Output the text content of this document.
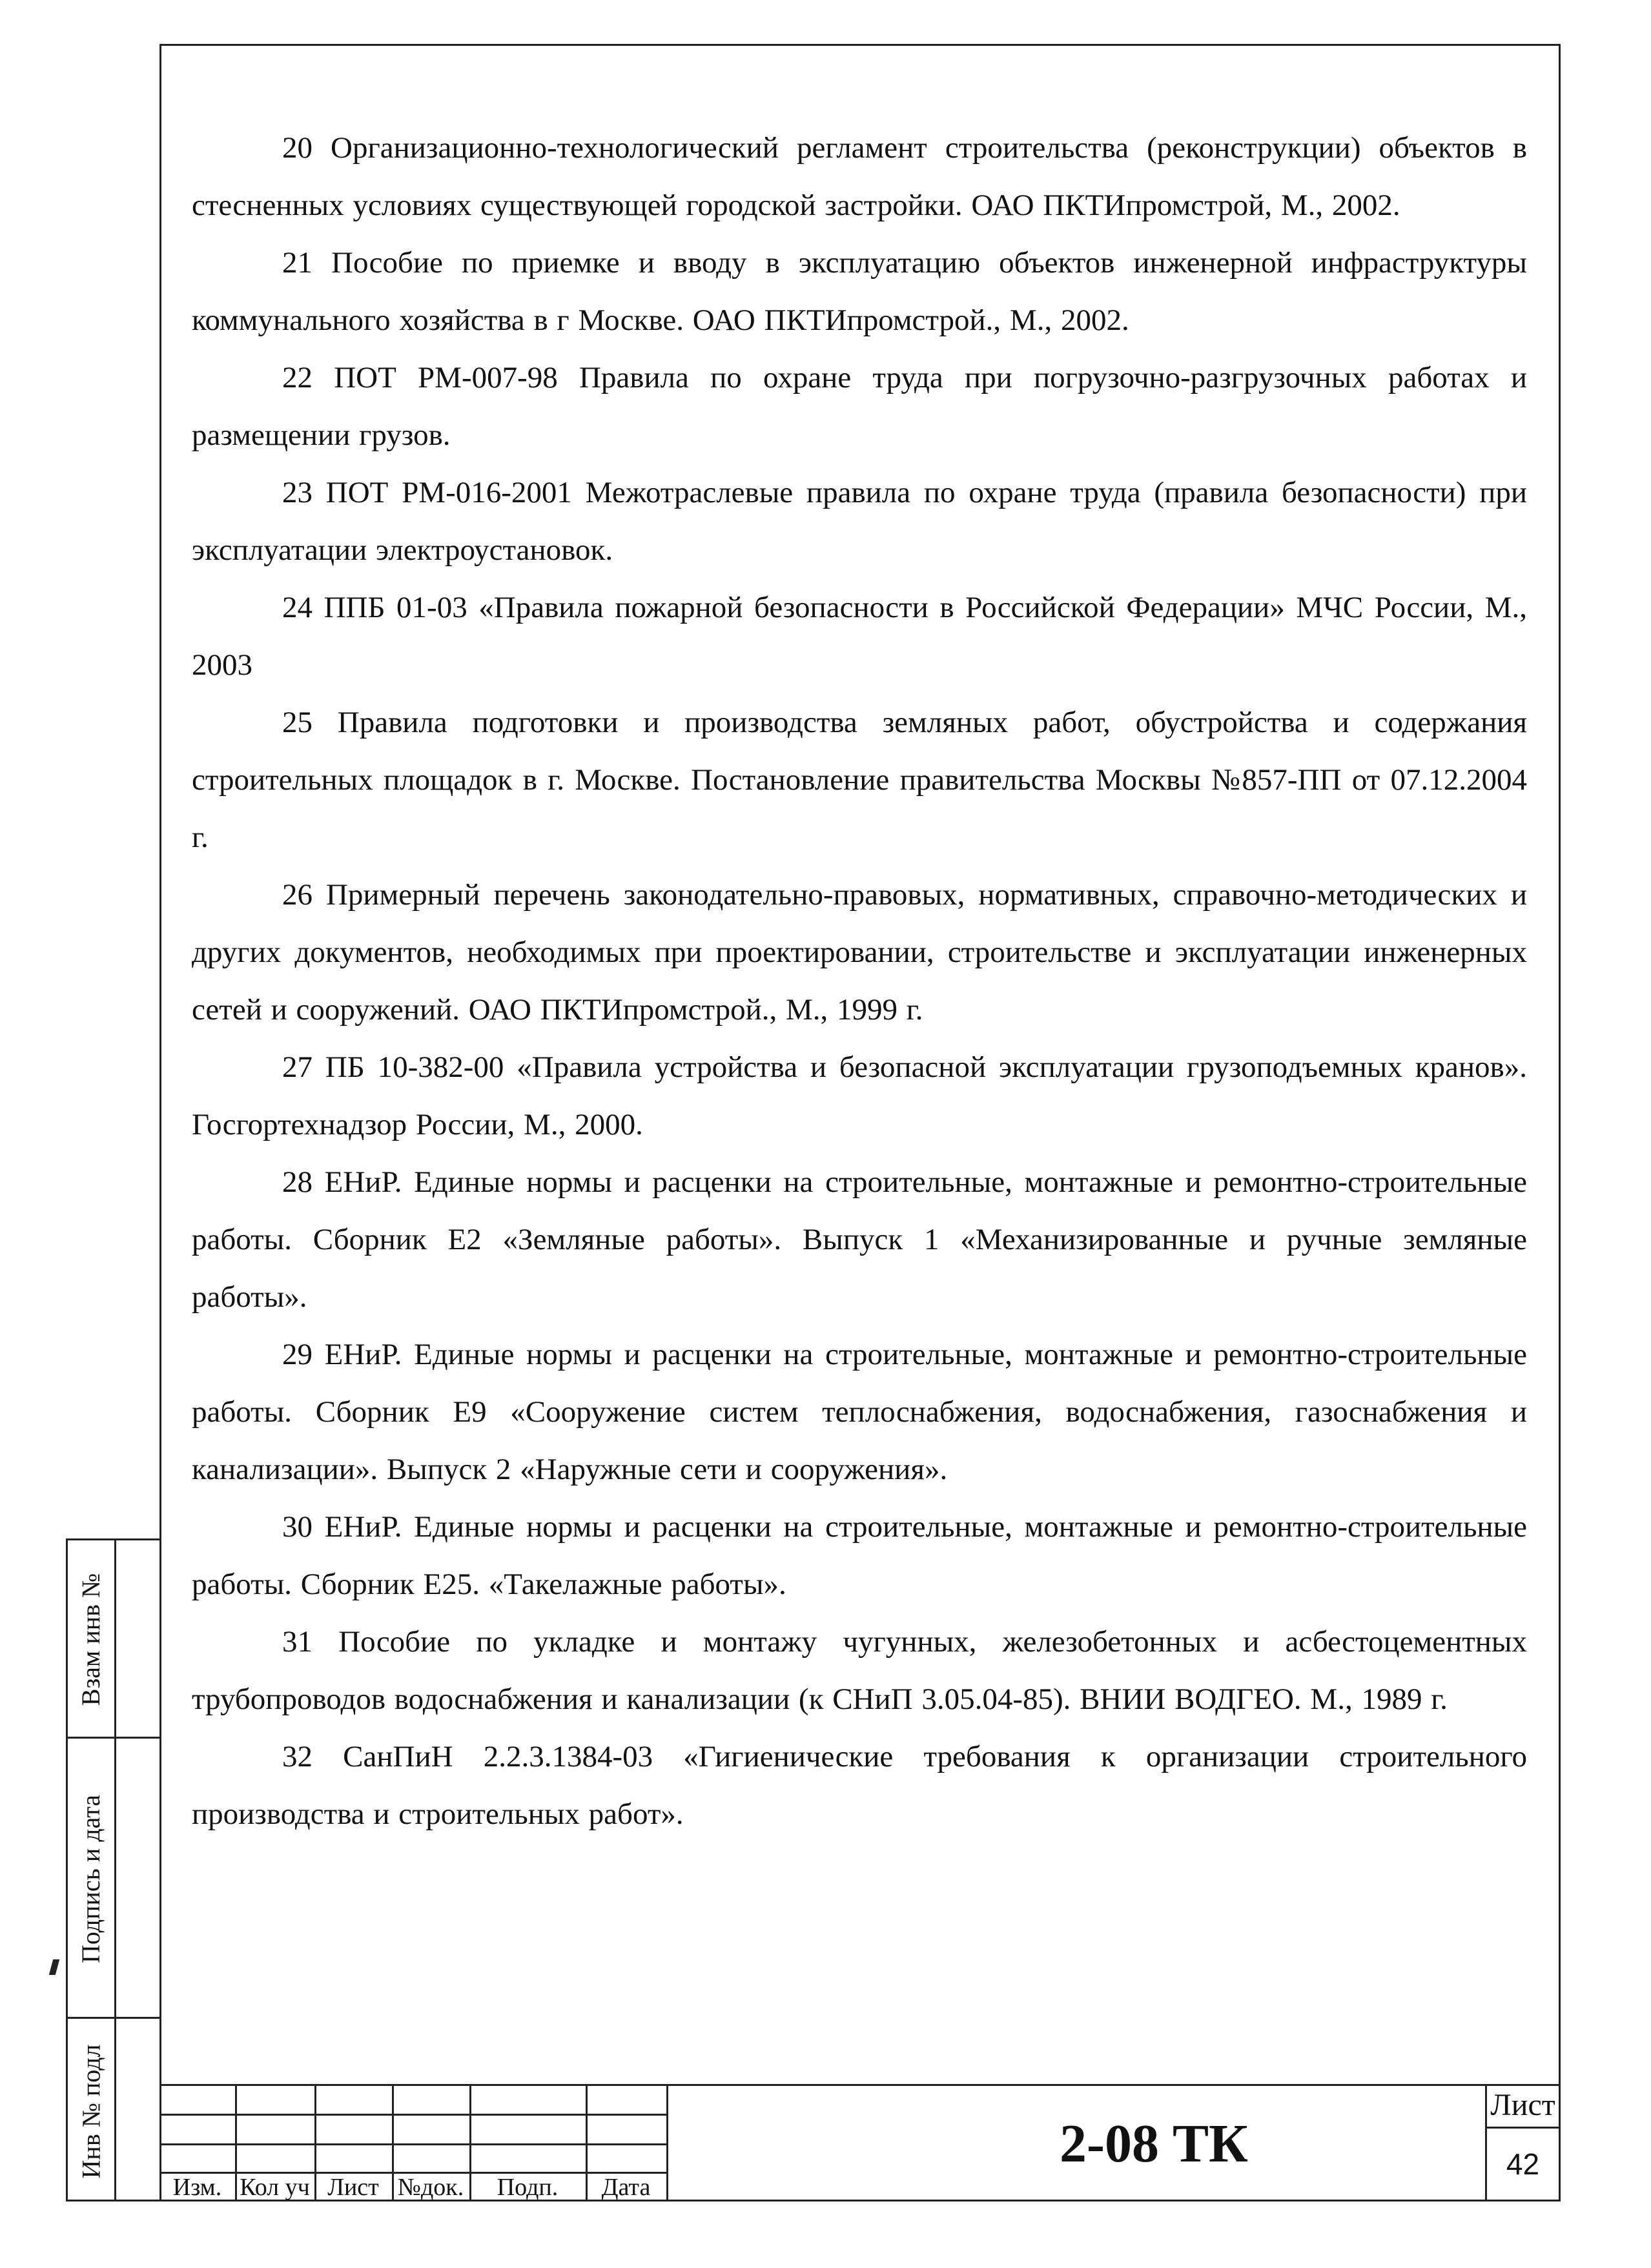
20 Организационно-технологический регламент строительства (реконструкции) объектов в стесненных условиях существующей городской застройки. ОАО ПКТИпромстрой, М., 2002.

21 Пособие по приемке и вводу в эксплуатацию объектов инженерной инфраструктуры коммунального хозяйства в г Москве. ОАО ПКТИпромстрой., М., 2002.

22 ПОТ РМ-007-98 Правила по охране труда при погрузочно-разгрузочных работах и размещении грузов.

23 ПОТ РМ-016-2001 Межотраслевые правила по охране труда (правила безопасности) при эксплуатации электроустановок.

24 ППБ 01-03 «Правила пожарной безопасности в Российской Федерации» МЧС России, М., 2003

25 Правила подготовки и производства земляных работ, обустройства и содержания строительных площадок в г. Москве. Постановление правительства Москвы №857-ПП от 07.12.2004 г.

26 Примерный перечень законодательно-правовых, нормативных, справочно-методических и других документов, необходимых при проектировании, строительстве и эксплуатации инженерных сетей и сооружений. ОАО ПКТИпромстрой., М., 1999 г.

27 ПБ 10-382-00 «Правила устройства и безопасной эксплуатации грузоподъемных кранов». Госгортехнадзор России, М., 2000.

28 ЕНиР. Единые нормы и расценки на строительные, монтажные и ремонтно-строительные работы. Сборник Е2 «Земляные работы». Выпуск 1 «Механизированные и ручные земляные работы».

29 ЕНиР. Единые нормы и расценки на строительные, монтажные и ремонтно-строительные работы. Сборник Е9 «Сооружение систем теплоснабжения, водоснабжения, газоснабжения и канализации». Выпуск 2 «Наружные сети и сооружения».

30 ЕНиР. Единые нормы и расценки на строительные, монтажные и ремонтно-строительные работы. Сборник Е25. «Такелажные работы».

31 Пособие по укладке и монтажу чугунных, железобетонных и асбестоцементных трубопроводов водоснабжения и канализации (к СНиП 3.05.04-85). ВНИИ ВОДГЕО. М., 1989 г.

32 СанПиН 2.2.3.1384-03 «Гигиенические требования к организации строительного производства и строительных работ».

Взам инв №
Подпись и дата
Инв № подл
Изм. Кол уч Лист №док.	Подп.	Дата
2-08 ТК
Лист
42
